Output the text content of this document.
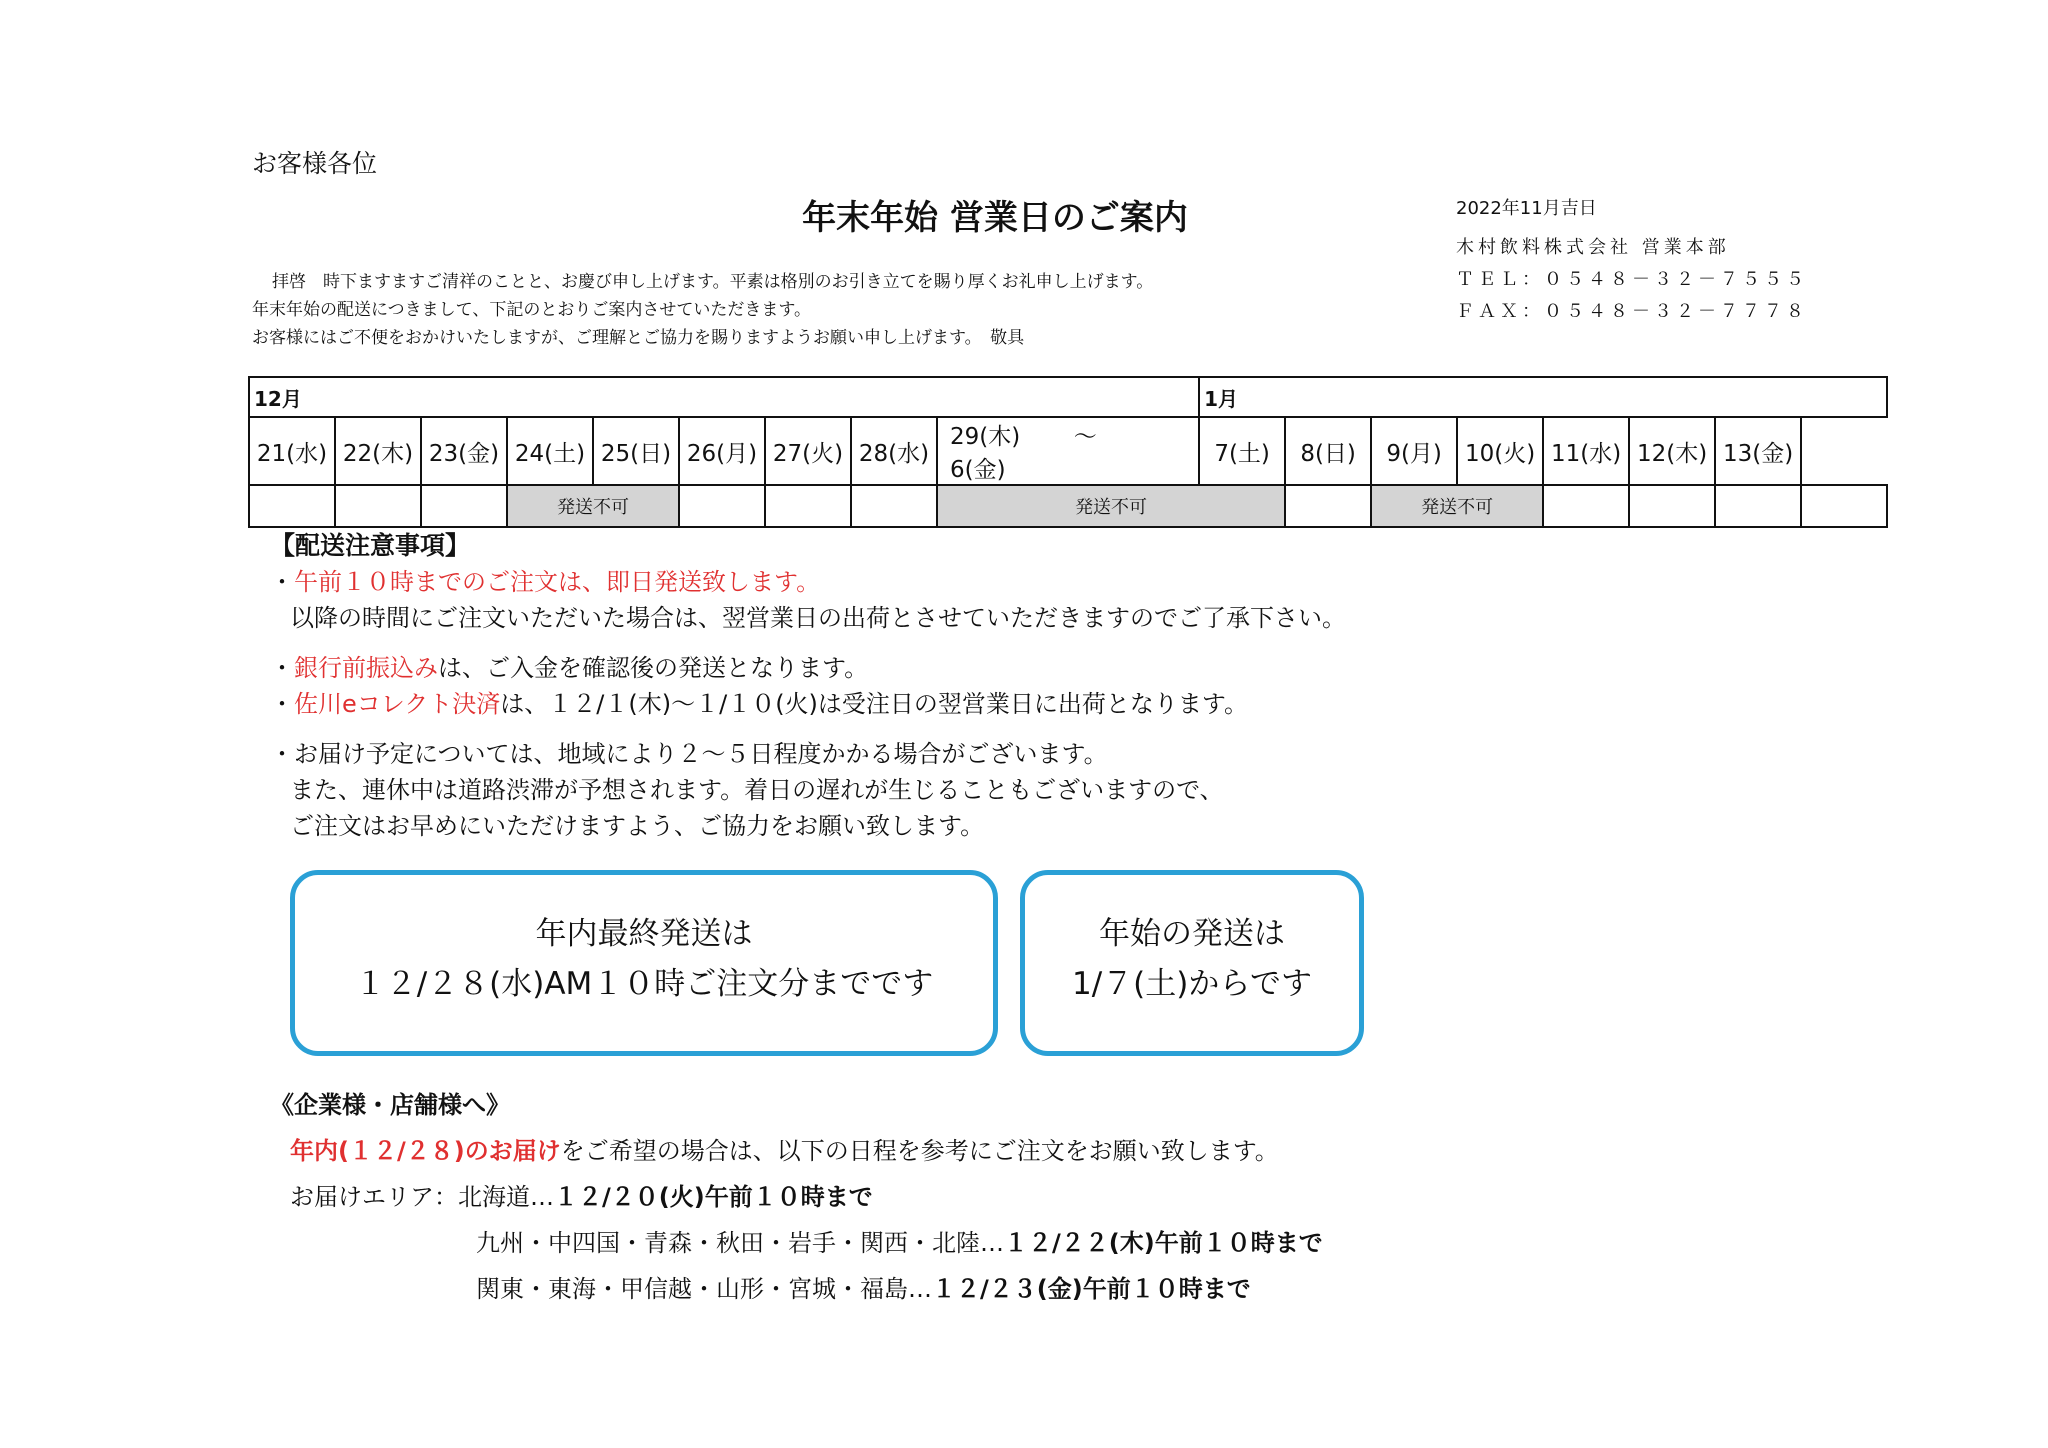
お客様各位
年末年始 営業日のご案内	2022年11月吉日
木村飲料株式会社 営業本部
ＴＥＬ：０５４８－３２－７５５５
ＦＡＸ：０５４８－３２－７７７８
拝啓　時下ますますご清祥のことと、お慶び申し上げます。平素は格別のお引き立てを賜り厚くお礼申し上げます。
年末年始の配送につきまして、下記のとおりご案内させていただきます。
お客様にはご不便をおかけいたしますが、ご理解とご協力を賜りますようお願い申し上げます。　敬具
12月									1月							
21(水)	22(木)	23(金)	24(土)	25(日)	26(月)	27(火)	28(水)	29(木) ～6(金)	7(土)	8(日)	9(月)	10(火)	11(水)	12(木)	13(金)	
			発送不可					発送不可			発送不可					
【配送注意事項】
・午前１０時までのご注文は、即日発送致します。
以降の時間にご注文いただいた場合は、翌営業日の出荷とさせていただきますのでご了承下さい。
・銀行前振込みは、ご入金を確認後の発送となります。
・佐川eコレクト決済は、１２/１(木)～１/１０(火)は受注日の翌営業日に出荷となります。
・お届け予定については、地域により２～５日程度かかる場合がございます。
また、連休中は道路渋滞が予想されます。着日の遅れが生じることもございますので、
ご注文はお早めにいただけますよう、ご協力をお願い致します。
年内最終発送は
１２/２８(水)AM１０時ご注文分までです
年始の発送は
1/７(土)からです
《企業様・店舗様へ》
年内(１２/２８)のお届けをご希望の場合は、以下の日程を参考にご注文をお願い致します。
お届けエリア：北海道…１２/２０(火)午前１０時まで
九州・中四国・青森・秋田・岩手・関西・北陸…１２/２２(木)午前１０時まで
関東・東海・甲信越・山形・宮城・福島…１２/２３(金)午前１０時まで
